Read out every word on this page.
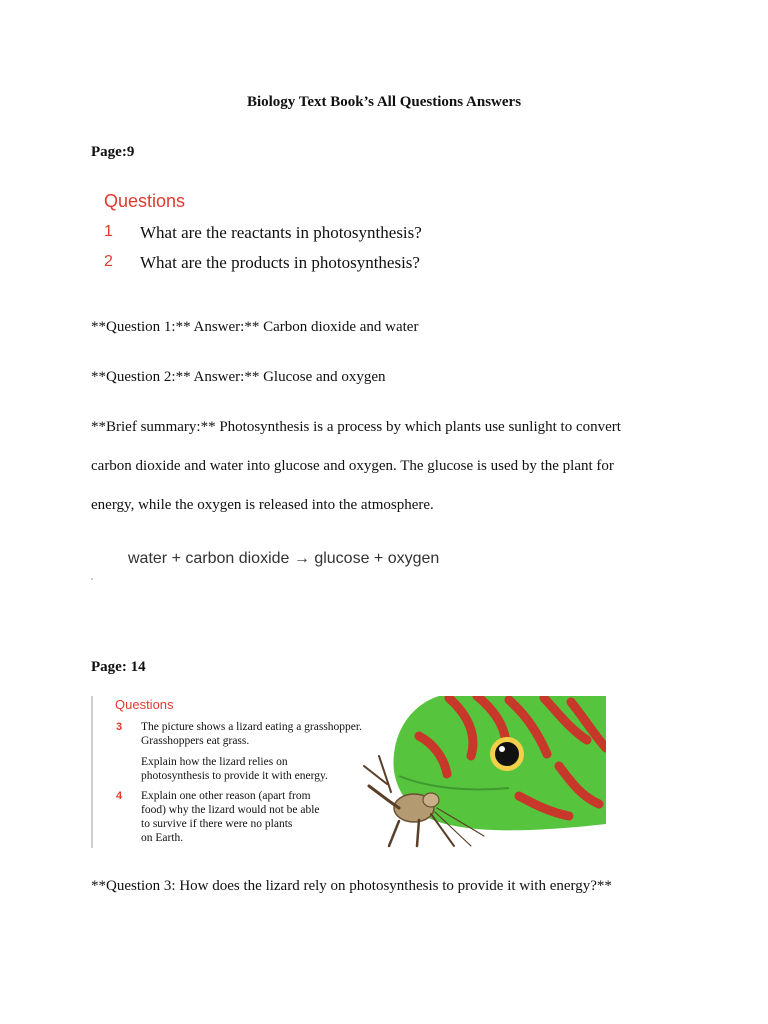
Biology Text Book’s All Questions Answers
Page:9
Questions
1 What are the reactants in photosynthesis?
2 What are the products in photosynthesis?
**Question 1:** Answer:** Carbon dioxide and water
**Question 2:** Answer:** Glucose and oxygen
**Brief summary:** Photosynthesis is a process by which plants use sunlight to convert
carbon dioxide and water into glucose and oxygen. The glucose is used by the plant for
energy, while the oxygen is released into the atmosphere.
water + carbon dioxide → glucose + oxygen
Page: 14
Questions
3 The picture shows a lizard eating a grasshopper.
Grasshoppers eat grass.
Explain how the lizard relies on
photosynthesis to provide it with energy.
4 Explain one other reason (apart from
food) why the lizard would not be able
to survive if there were no plants
on Earth.
**Question 3: How does the lizard rely on photosynthesis to provide it with energy?**
